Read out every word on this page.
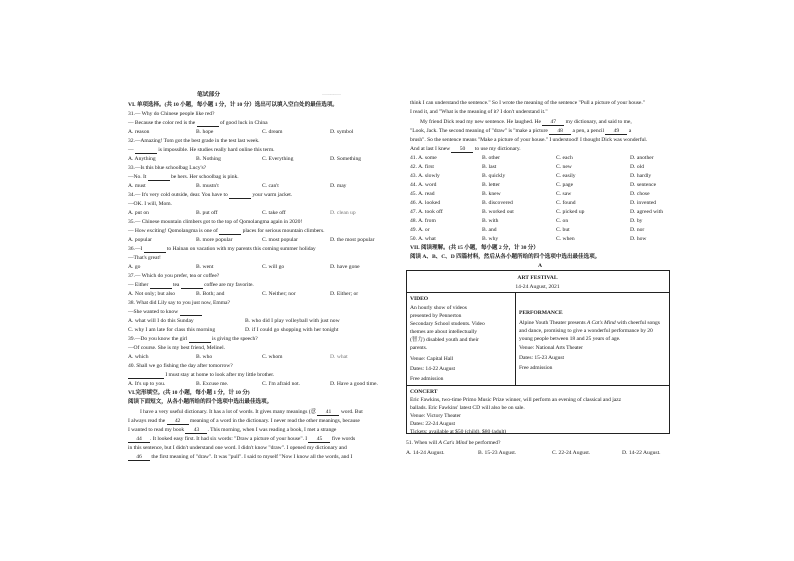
笔试部分	....................
VI. 单项选择。(共 10 小题，每小题 1 分，计 10 分）选出可以填入空白处的最佳选项。
31.— Why do Chinese people like red?
— Because the color red is the	of good luck in China
A. reason	B. hope	C. dream	D. symbol
32.—Amazing! Tom got the best grade in the test last week.
—	is impossible. He studies really hard online this term.
A. Anything	B. Nothing	C. Everything	D. Something
33.—Is this blue schoolbag Lucy's?
—No. It	be hers. Her schoolbag is pink.
A. must	B. mustn't	C. can't	D. may
34.— It's very cold outside, dear. You have to	your warm jacket.
—OK. I will, Mom.
A. put on	B. put off	C. take off	D. clean up
35.— Chinese mountain climbers got to the top of Qomolangma again in 2020!
— How exciting! Qomolangma is one of	places for serious mountain climbers.
A. popular	B. more popular	C. most popular	D. the most popular
36.—I	to Hainan on vacation with my parents this coming summer holiday
—That's great!
A. go	B. went	C. will go	D. have gone
37.— Which do you prefer, tea or coffee?
— Either	tea	coffee are my favorite.
A. Not only; but also	B. Both; and	C. Neither; nor	D. Either; or
38. What did Lily say to you just now, Emma?
—She wanted to know
A. what will I do this Sunday	B. who did I play volleyball with just now
C. why I am late for class this morning	D. if I could go shopping with her tonight
39.—Do you know the girl	is giving the speech?
—Of course. She is my best friend, Melinel.
A. which	B. who	C. whom	D. what
40. Shall we go fishing the day after tomorrow?
I must stay at home to look after my little brother.
A. It's up to you.	B. Excuse me.	C. I'm afraid not.	D. Have a good time.
VI.完形填空。(共 10 小题，每小题 1 分，计 10 分)
阅读下面短文，从各小题所给的四个选项中选出最佳选项。
I have a very useful dictionary. It has a lot of words. It gives many meanings (意 41 word. But
I always read the 42 meaning of a word in the dictionary. I never read the other meanings, because
I wanted to read my book 43 . This morning, when I was reading a book, I met a strange
44 . It looked easy first. It had six words: "Draw a picture of your house". I 45 five words
in this sentence, but I didn't understand one word. I didn't know "draw". I opened my dictionary and
46 the first meaning of "draw". It was "pull". I said to myself "Now I know all the words, and I
think I can understand the sentence." So I wrote the meaning of the sentence "Pull a picture of your house."
I read it, and "What is the meaning of it? I don't understand it."
My friend Dick read my new sentence. He laughed. He 47 my dictionary, and said to me,
"Look, Jack. The second meaning of "draw" is "make a picture 48 a pen, a pencil 49 a
brush". So the sentence means "Make a picture of your house." I understood! I thought Dick was wonderful.
And at last I knew 50 to use my dictionary.
41. A. some	B. other	C. each	D. another
42. A. first	B. last	C. new	D. old
43. A. slowly	B. quickly	C. easily	D. hardly
44. A. word	B. letter	C. page	D. sentence
45. A. read	B. knew	C. saw	D. chose
46. A. looked	B. discovered	C. found	D. invented
47. A. took off	B. worked out	C. picked up	D. agreed with
48. A. from	B. with	C. on	D. by
49. A. or	B. and	C. but	D. nor
50. A. what	B. why	C. when	D. how
VII. 阅读理解。(共 15 小题，每小题 2 分，计 30 分）
阅读 A、B、C、D 四篇材料，然后从各小题所给的四个选项中选出最佳选项。
A
ART FESTIVAL
14-24 August, 2021
VIDEO
An hourly show of videos
presented by Pennerton
Secondary School students. Video
themes are about intellectually
(智力) disabled youth and their
parents.
Venue: Capital Hall
Dates: 14-22 August
Free admission
PERFORMANCE
Alpine Youth Theater presents A Cat's Mind with cheerful songs
and dance, promising to give a wonderful performance by 20
young people between 18 and 25 years of age.
Venue: National Arts Theater
Dates: 15-23 August
Free admission
CONCERT
Eric Fawkins, two-time Primo Music Prize winner, will perform an evening of classical and jazz
ballads. Eric Fawkins' latest CD will also be on sale.
Venue: Victory Theater
Dates: 22-24 August
Tickets: available at $50 (child), $80 (adult)
51. When will A Cat's Mind be performed?
A. 14-24 August.	B. 15-23 August.	C. 22-24 August.	D. 14-22 August.
